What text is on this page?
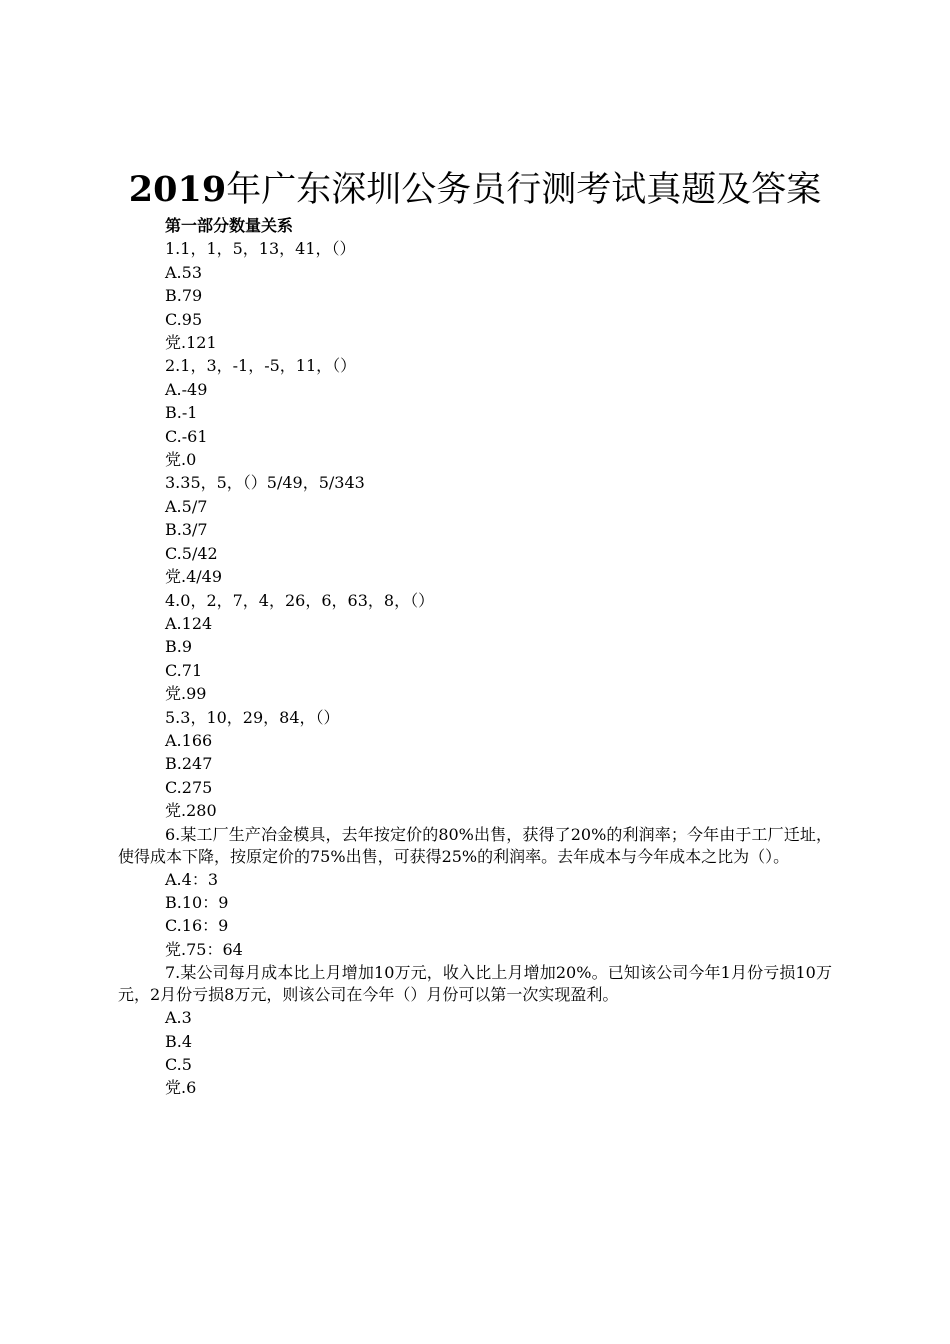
2019年广东深圳公务员行测考试真题及答案

第一部分数量关系

1.1，1，5，13，41，（）

A.53

B.79

C.95

党.121

2.1，3，-1，-5，11，（）

A.-49

B.-1

C.-61

党.0

3.35，5，（）5/49，5/343

A.5/7

B.3/7

C.5/42

党.4/49

4.0，2，7，4，26，6，63，8，（）

A.124

B.9

C.71

党.99

5.3，10，29，84，（）

A.166

B.247

C.275

党.280

6.某工厂生产冶金模具，去年按定价的80%出售，获得了20%的利润率；今年由于工厂迁址，使得成本下降，按原定价的75%出售，可获得25%的利润率。去年成本与今年成本之比为（）。

A.4：3

B.10：9

C.16：9

党.75：64

7.某公司每月成本比上月增加10万元，收入比上月增加20%。已知该公司今年1月份亏损10万元，2月份亏损8万元，则该公司在今年（）月份可以第一次实现盈利。

A.3

B.4

C.5

党.6
